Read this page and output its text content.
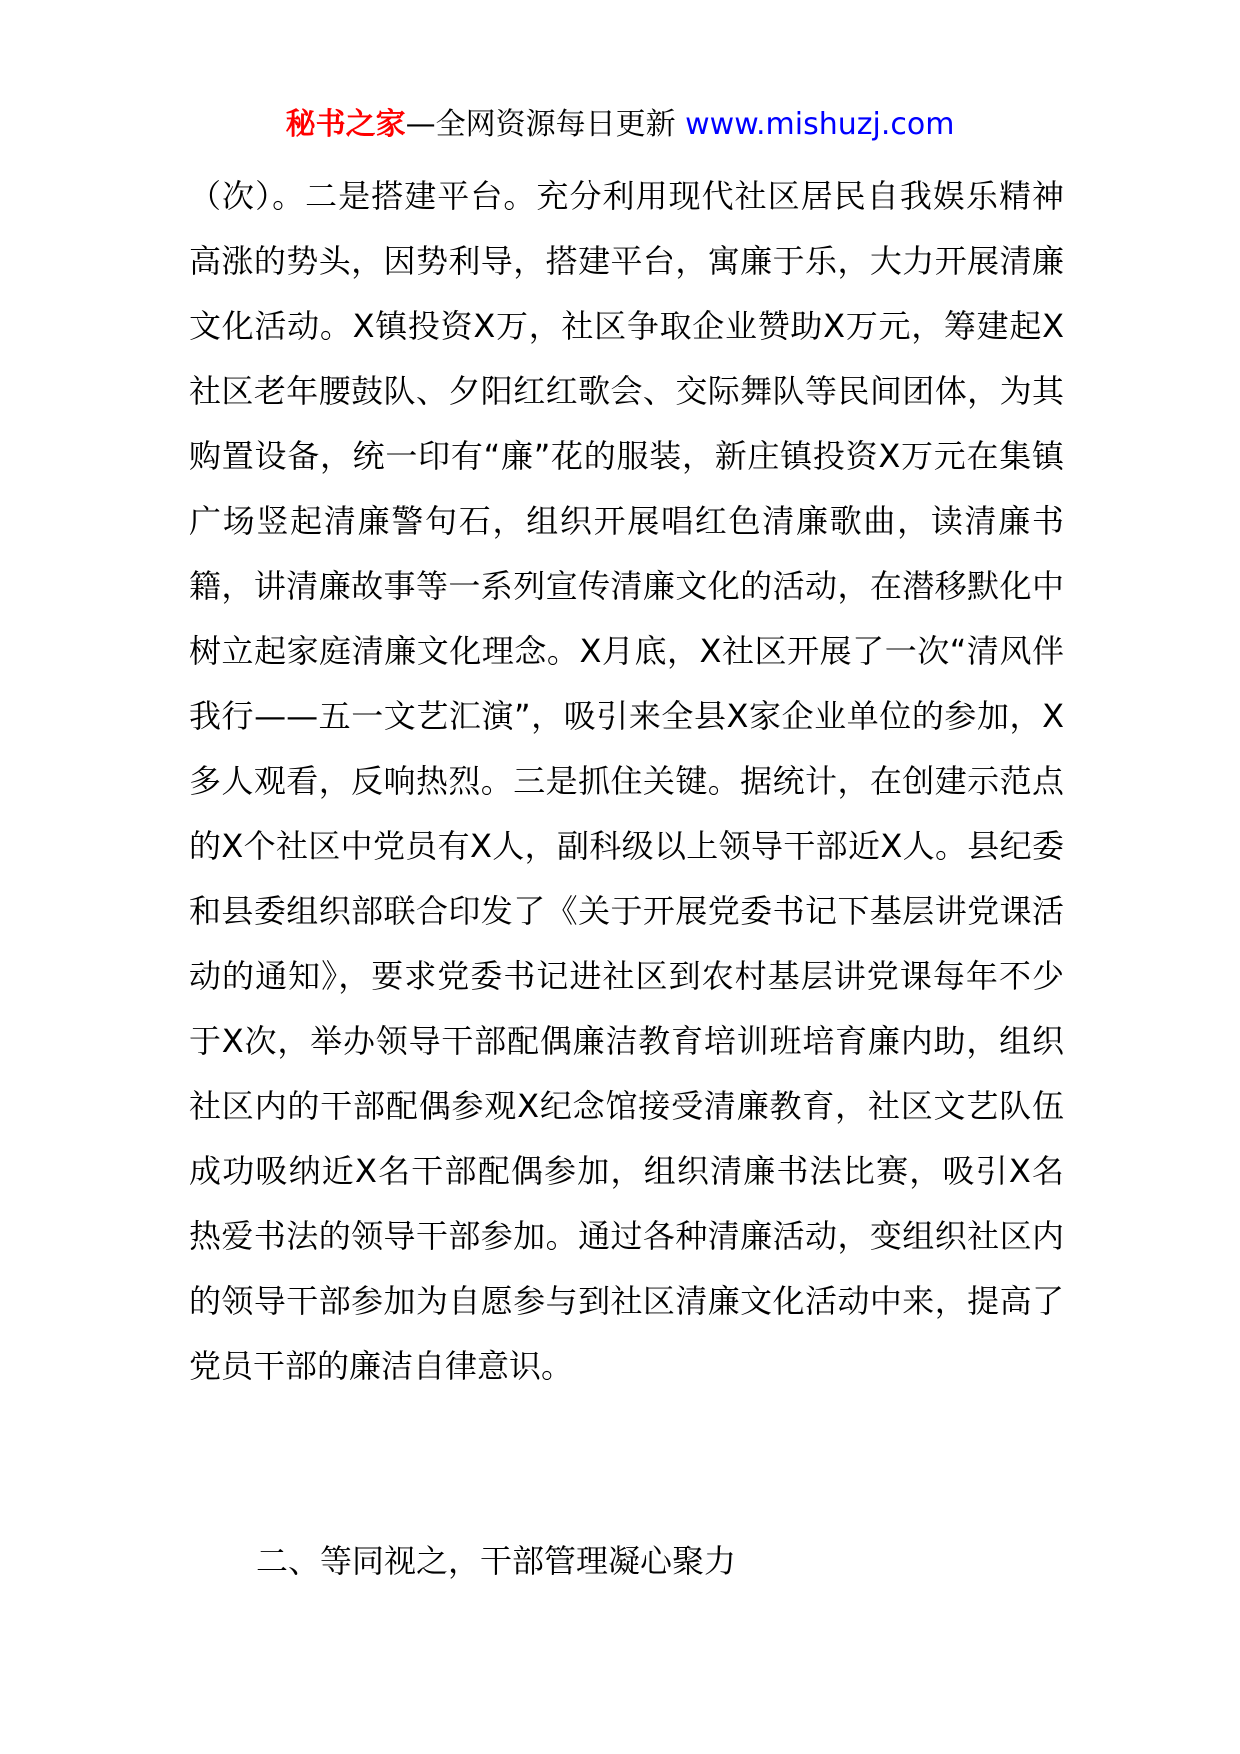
秘书之家—全网资源每日更新 www.mishuzj.com

（次）。二是搭建平台。充分利用现代社区居民自我娱乐精神高涨的势头，因势利导，搭建平台，寓廉于乐，大力开展清廉文化活动。X镇投资X万，社区争取企业赞助X万元，筹建起X社区老年腰鼓队、夕阳红红歌会、交际舞队等民间团体，为其购置设备，统一印有“廉”花的服装，新庄镇投资X万元在集镇广场竖起清廉警句石，组织开展唱红色清廉歌曲，读清廉书籍，讲清廉故事等一系列宣传清廉文化的活动，在潜移默化中树立起家庭清廉文化理念。X月底，X社区开展了一次“清风伴我行——五一文艺汇演”，吸引来全县X家企业单位的参加，X多人观看，反响热烈。三是抓住关键。据统计，在创建示范点的X个社区中党员有X人，副科级以上领导干部近X人。县纪委和县委组织部联合印发了《关于开展党委书记下基层讲党课活动的通知》，要求党委书记进社区到农村基层讲党课每年不少于X次，举办领导干部配偶廉洁教育培训班培育廉内助，组织社区内的干部配偶参观X纪念馆接受清廉教育，社区文艺队伍成功吸纳近X名干部配偶参加，组织清廉书法比赛，吸引X名热爱书法的领导干部参加。通过各种清廉活动，变组织社区内的领导干部参加为自愿参与到社区清廉文化活动中来，提高了党员干部的廉洁自律意识。

二、等同视之，干部管理凝心聚力
